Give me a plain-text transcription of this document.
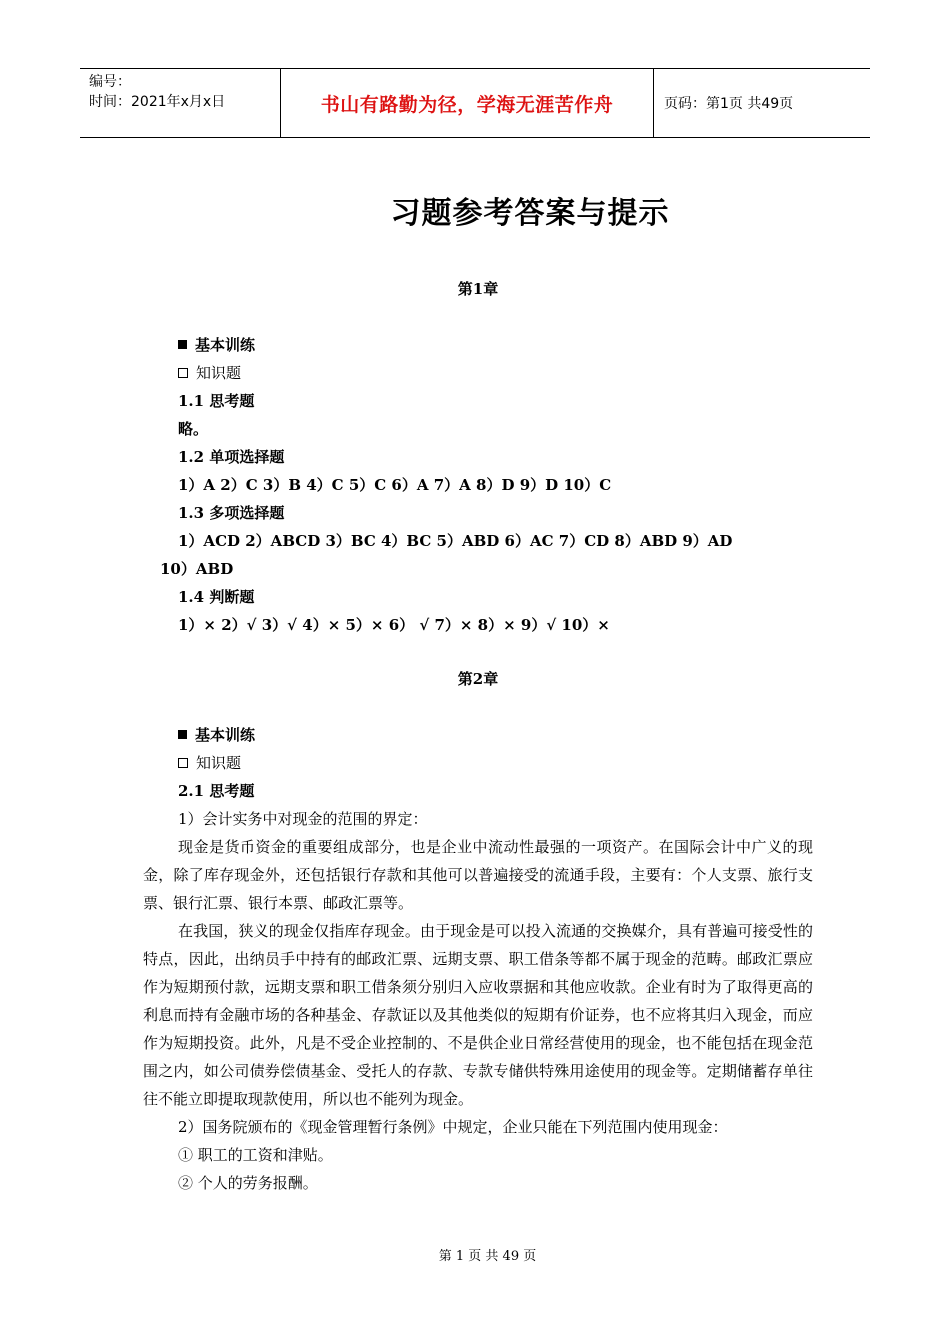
编号：
时间：2021年x月x日	书山有路勤为径，学海无涯苦作舟	页码：第1页 共49页
习题参考答案与提示
第1章
基本训练
知识题
1.1 思考题
略。
1.2 单项选择题
1）A 2）C 3）B 4）C 5）C 6）A 7）A 8）D 9）D 10）C
1.3 多项选择题
1）ACD 2）ABCD 3）BC 4）BC 5）ABD 6）AC 7）CD 8）ABD 9）AD
10）ABD
1.4 判断题
1）× 2）√ 3）√ 4）× 5）× 6） √ 7）× 8）× 9）√ 10）×
第2章
基本训练
知识题
2.1 思考题
1）会计实务中对现金的范围的界定：
现金是货币资金的重要组成部分，也是企业中流动性最强的一项资产。在国际会计中广义的现金，除了库存现金外，还包括银行存款和其他可以普遍接受的流通手段，主要有：个人支票、旅行支票、银行汇票、银行本票、邮政汇票等。
在我国，狭义的现金仅指库存现金。由于现金是可以投入流通的交换媒介，具有普遍可接受性的特点，因此，出纳员手中持有的邮政汇票、远期支票、职工借条等都不属于现金的范畴。邮政汇票应作为短期预付款，远期支票和职工借条须分别归入应收票据和其他应收款。企业有时为了取得更高的利息而持有金融市场的各种基金、存款证以及其他类似的短期有价证券，也不应将其归入现金，而应作为短期投资。此外，凡是不受企业控制的、不是供企业日常经营使用的现金，也不能包括在现金范围之内，如公司债券偿债基金、受托人的存款、专款专储供特殊用途使用的现金等。定期储蓄存单往往不能立即提取现款使用，所以也不能列为现金。
2）国务院颁布的《现金管理暂行条例》中规定，企业只能在下列范围内使用现金：
① 职工的工资和津贴。
② 个人的劳务报酬。
第 1 页 共 49 页
